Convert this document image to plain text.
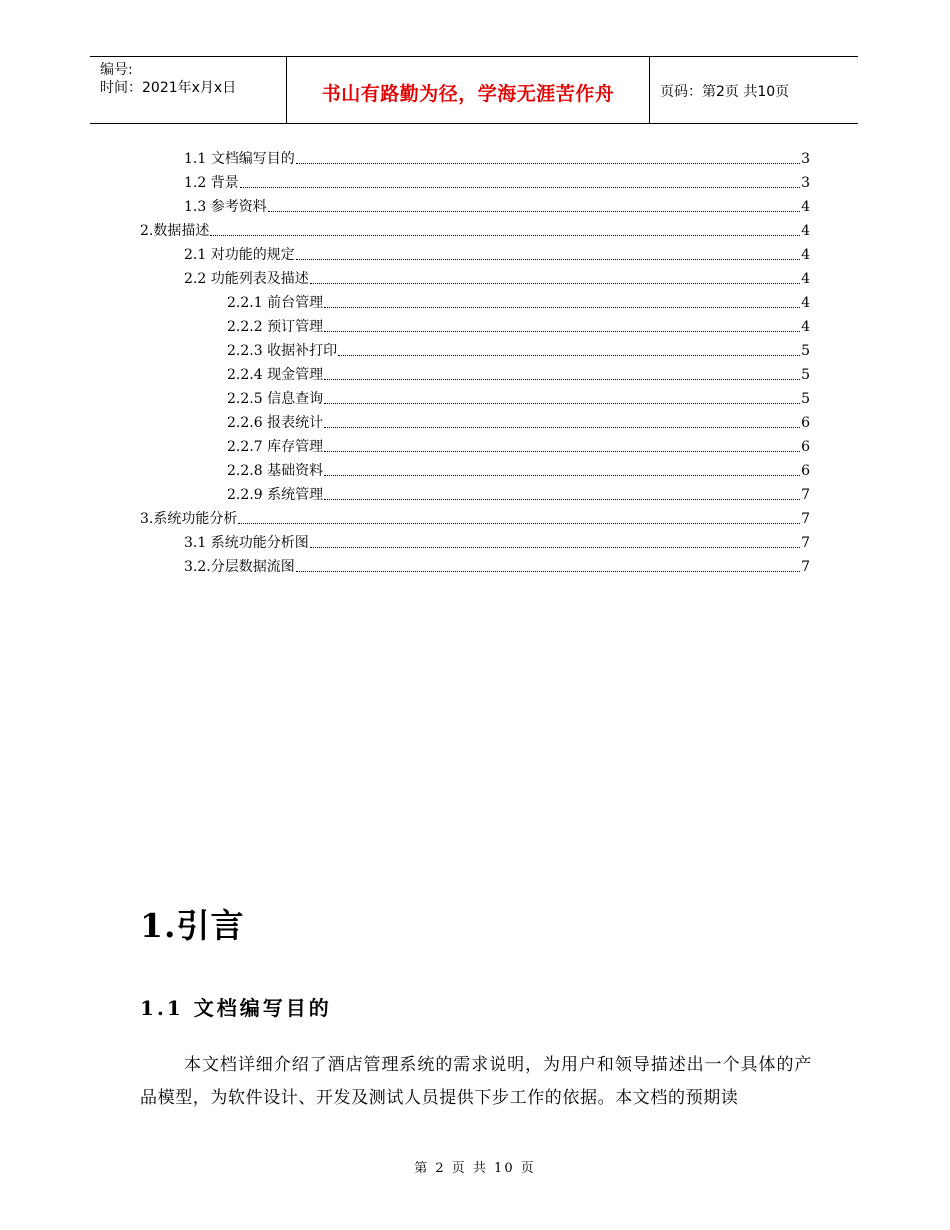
编号:
时间：2021年x月x日	书山有路勤为径，学海无涯苦作舟	页码：第2页 共10页
1.1 文档编写目的	3
1.2 背景	3
1.3 参考资料	4
2.数据描述	4
2.1 对功能的规定	4
2.2 功能列表及描述	4
2.2.1 前台管理	4
2.2.2 预订管理	4
2.2.3 收据补打印	5
2.2.4 现金管理	5
2.2.5 信息查询	5
2.2.6 报表统计	6
2.2.7 库存管理	6
2.2.8 基础资料	6
2.2.9 系统管理	7
3.系统功能分析	7
3.1 系统功能分析图	7
3.2.分层数据流图	7
1.引言
1.1 文档编写目的
本文档详细介绍了酒店管理系统的需求说明，为用户和领导描述出一个具体的产品模型，为软件设计、开发及测试人员提供下步工作的依据。本文档的预期读
第 2 页 共 10 页
